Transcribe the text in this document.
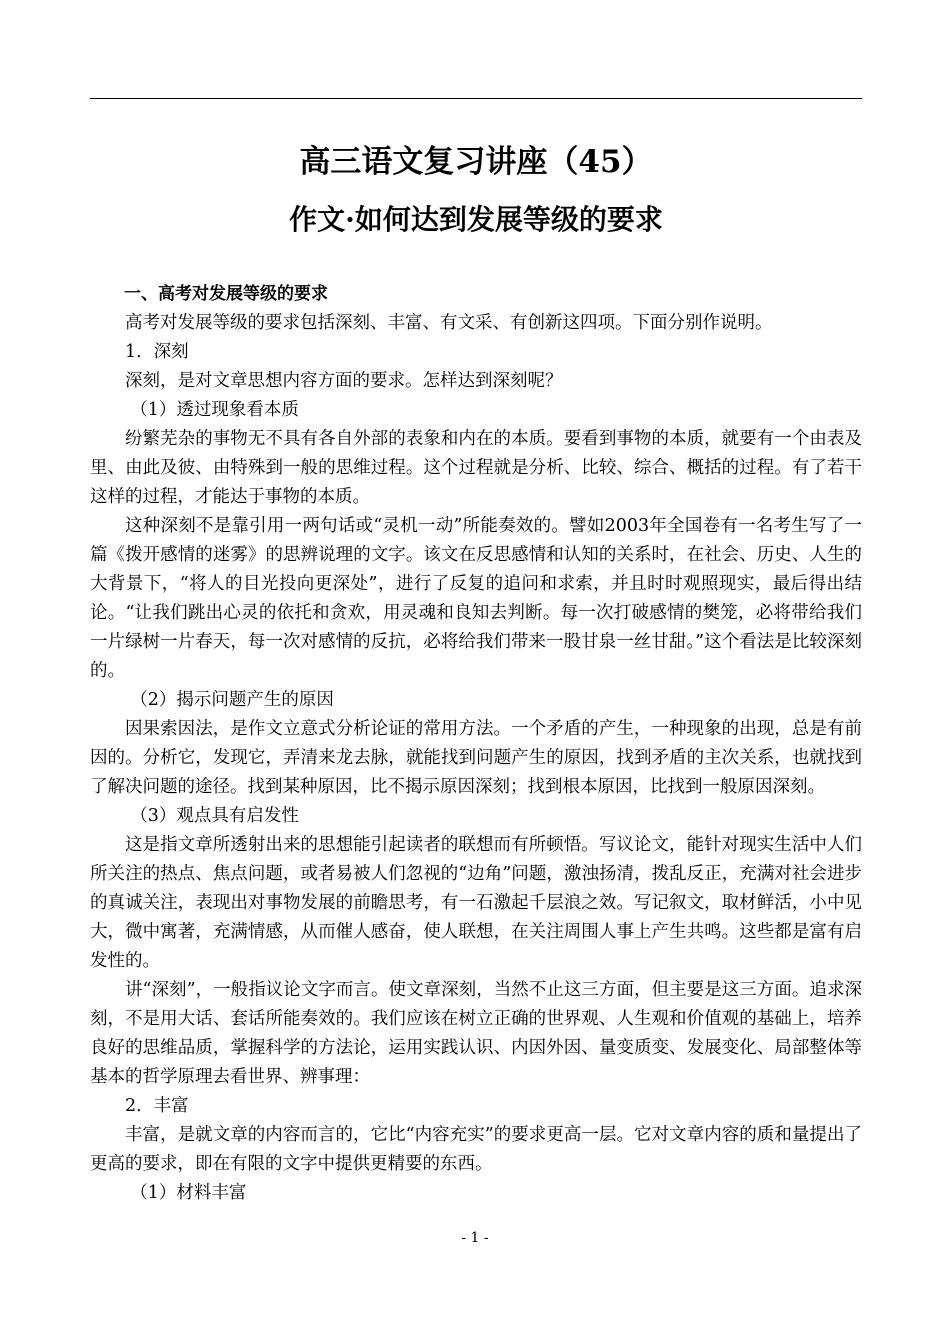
高三语文复习讲座（45）
作文·如何达到发展等级的要求

一、高考对发展等级的要求

高考对发展等级的要求包括深刻、丰富、有文采、有创新这四项。下面分别作说明。

1．深刻

深刻，是对文章思想内容方面的要求。怎样达到深刻呢？

（1）透过现象看本质

纷繁芜杂的事物无不具有各自外部的表象和内在的本质。要看到事物的本质，就要有一个由表及里、由此及彼、由特殊到一般的思维过程。这个过程就是分析、比较、综合、概括的过程。有了若干这样的过程，才能达于事物的本质。

这种深刻不是靠引用一两句话或“灵机一动”所能奏效的。譬如2003年全国卷有一名考生写了一篇《拨开感情的迷雾》的思辨说理的文字。该文在反思感情和认知的关系时，在社会、历史、人生的大背景下，“将人的目光投向更深处”，进行了反复的追问和求索，并且时时观照现实，最后得出结论。“让我们跳出心灵的依托和贪欢，用灵魂和良知去判断。每一次打破感情的樊笼，必将带给我们一片绿树一片春天，每一次对感情的反抗，必将给我们带来一股甘泉一丝甘甜。”这个看法是比较深刻的。

（2）揭示问题产生的原因

因果索因法，是作文立意式分析论证的常用方法。一个矛盾的产生，一种现象的出现，总是有前因的。分析它，发现它，弄清来龙去脉，就能找到问题产生的原因，找到矛盾的主次关系，也就找到了解决问题的途径。找到某种原因，比不揭示原因深刻；找到根本原因，比找到一般原因深刻。

（3）观点具有启发性

这是指文章所透射出来的思想能引起读者的联想而有所顿悟。写议论文，能针对现实生活中人们所关注的热点、焦点问题，或者易被人们忽视的“边角”问题，激浊扬清，拨乱反正，充满对社会进步的真诚关注，表现出对事物发展的前瞻思考，有一石激起千层浪之效。写记叙文，取材鲜活，小中见大，微中寓著，充满情感，从而催人感奋，使人联想，在关注周围人事上产生共鸣。这些都是富有启发性的。

讲“深刻”，一般指议论文字而言。使文章深刻，当然不止这三方面，但主要是这三方面。追求深刻，不是用大话、套话所能奏效的。我们应该在树立正确的世界观、人生观和价值观的基础上，培养良好的思维品质，掌握科学的方法论，运用实践认识、内因外因、量变质变、发展变化、局部整体等基本的哲学原理去看世界、辨事理：

2．丰富

丰富，是就文章的内容而言的，它比“内容充实”的要求更高一层。它对文章内容的质和量提出了更高的要求，即在有限的文字中提供更精要的东西。

（1）材料丰富

- 1 -
